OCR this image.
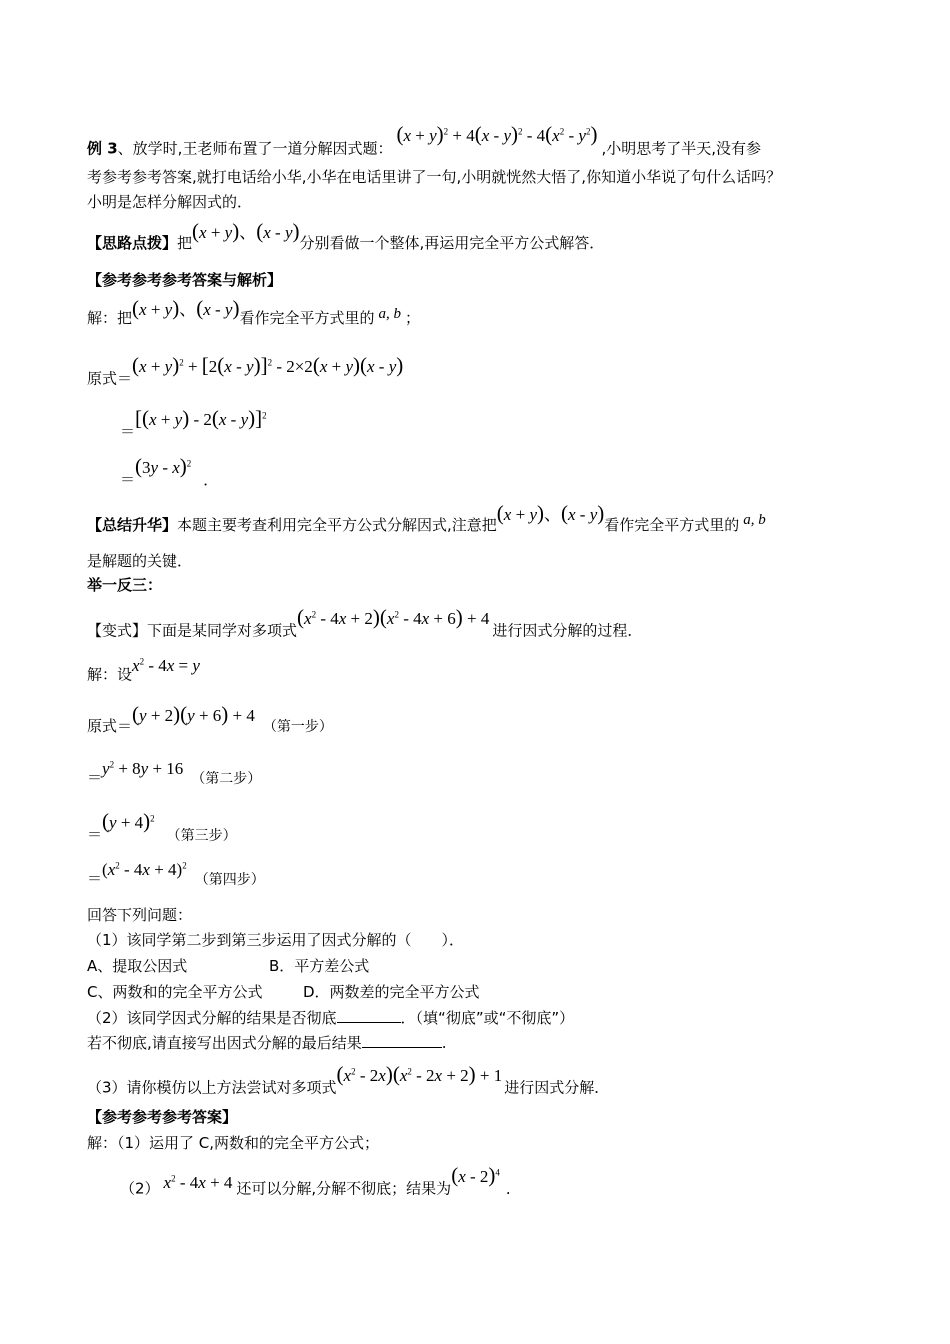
例 3、放学时,王老师布置了一道分解因式题：$(x + y)^2 + 4(x - y)^2 - 4(x^2 - y^2)$,小明思考了半天,没有参
考参考参考答案,就打电话给小华,小华在电话里讲了一句,小明就恍然大悟了,你知道小华说了句什么话吗？
小明是怎样分解因式的．
【思路点拨】把(x + y)、(x - y)分别看做一个整体,再运用完全平方公式解答．
【参考参考参考答案与解析】
解：把(x + y)、(x - y)看作完全平方式里的 a, b ；
原式$=(x + y)^2 + [2(x - y)]^2 - 2\times 2(x + y)(x - y)$
$=[(x + y) - 2(x - y)]^2$
＝(3y - x)$^2$．
【总结升华】本题主要考查利用完全平方公式分解因式,注意把(x + y)、(x - y)看作完全平方式里的 a, b
是解题的关键．
举一反三：
【变式】下面是某同学对多项式$(x^2 - 4x + 2)(x^2 - 4x + 6) + 4$进行因式分解的过程．
解：设$x^2 - 4x = y$
原式＝(y + 2)(y + 6) + 4（第一步）
$=y^2 + 8y + 16$（第二步）
$=(y + 4)^2$（第三步）
$=(x^2 - 4x + 4)^2$（第四步）
回答下列问题：
（1）该同学第二步到第三步运用了因式分解的（　　）．
A、提取公因式	B．平方差公式
C、两数和的完全平方公式	D．两数差的完全平方公式
（2）该同学因式分解的结果是否彻底	．（填“彻底”或“不彻底”）
若不彻底,请直接写出因式分解的最后结果	.
（3）请你模仿以上方法尝试对多项式$(x^2 - 2x)(x^2 - 2x + 2) + 1$进行因式分解．
【参考参考参考答案】
解：（1）运用了 C,两数和的完全平方公式；
（2） $x^2 - 4x + 4$ 还可以分解,分解不彻底；结果为(x - 2)$^4$.
